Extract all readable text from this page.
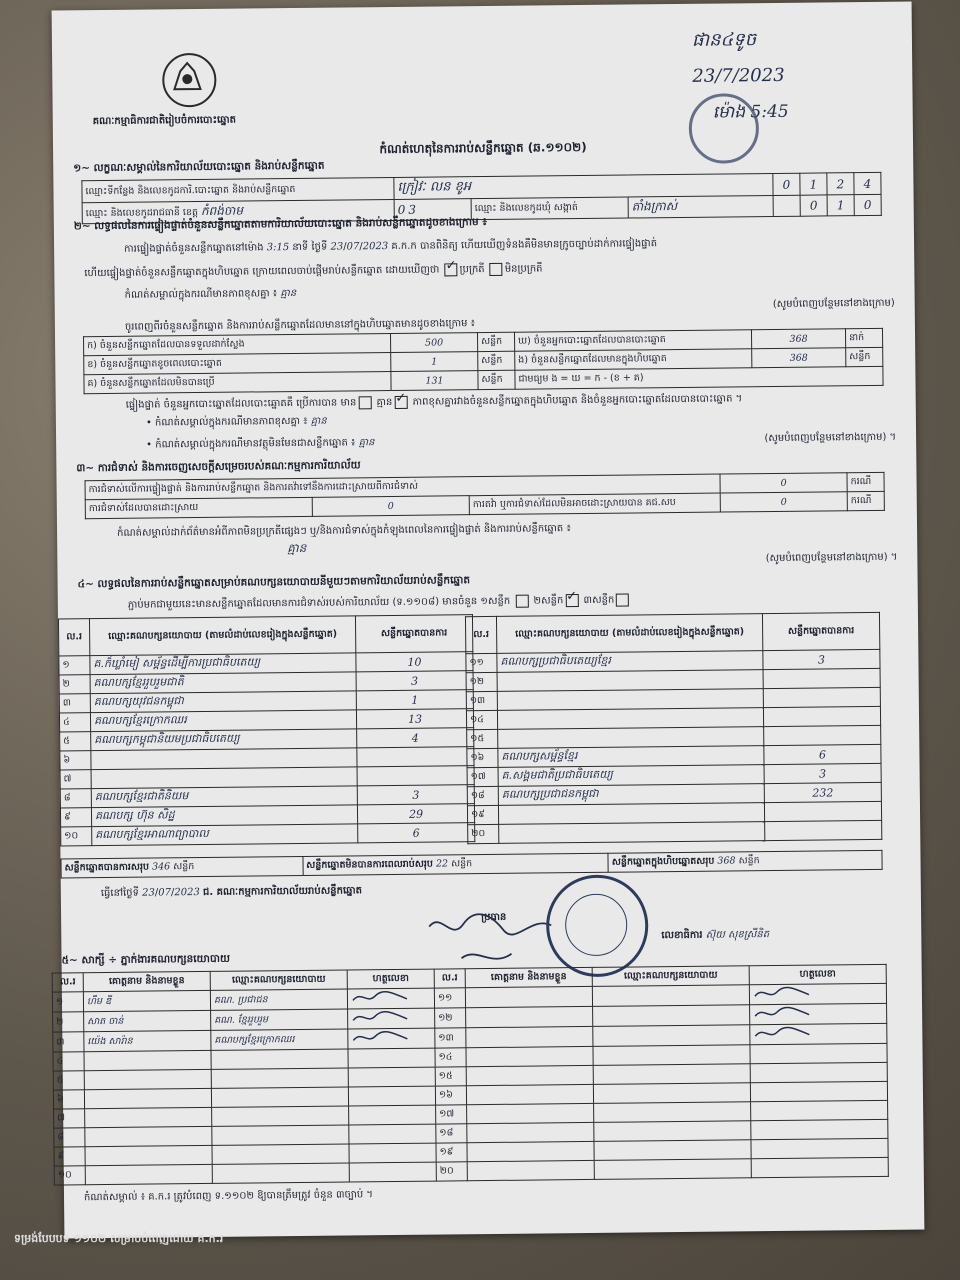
គណៈកម្មាធិការជាតិរៀបចំការបោះឆ្នោត
ផាន៤ទូច
23/7/2023
ម៉ោង 5:45
កំណត់ហេតុនៃការរាប់សន្លឹកឆ្នោត (ឆ.១១០២)
១~ លក្ខណៈសម្គាល់នៃការិយាល័យបោះឆ្នោត និងរាប់សន្លឹកឆ្នោត
ឈ្មោះទីកន្លែង និងលេខកូដការិ.បោះឆ្នោត និងរាប់សន្លឹកឆ្នោត	ក្រៀវៈ លន ខូអ			0	1	2	4
ឈ្មោះ និងលេខកូដរាជធានី ខេត្ត កំពង់ចាម	0 3	ឈ្មោះ និងលេខកូដឃុំ សង្កាត់	តាំងក្រាស់		0	1	0
២~ លទ្ធផលនៃការផ្ទៀងផ្ទាត់ចំនួនសន្លឹកឆ្នោតតាមការិយាល័យបោះឆ្នោត និងរាប់សន្លឹកឆ្នោតដូចខាងក្រោម ៖
ការផ្ទៀងផ្ទាត់ចំនួនសន្លឹកឆ្នោតនៅម៉ោង 3:15 នាទី ថ្ងៃទី 23/07/2023 គ.ក.ក បានពិនិត្យ ហើយឃើញទំនងគឺមិនមានក្រូចច្បាប់ដាក់ការផ្ទៀងផ្ទាត់
ហើយផ្ទៀងផ្ទាត់ចំនួនសន្លឹកឆ្នោតក្នុងហិបឆ្នោត ក្រោយពេលចាប់ផ្ដើមរាប់សន្លឹកឆ្នោត ដោយឃើញថា ✓ ប្រក្រតី មិនប្រក្រតី
កំណត់សម្គាល់ក្នុងករណីមានភាពខុសគ្នា ៖ គ្មាន
(សូមបំពេញបន្ថែមនៅខាងក្រោម)
ចូរពេញពីរចំនួនសន្លឹកឆ្នោត និងការរាប់សន្លឹកឆ្នោតដែលមាននៅក្នុងហិបឆ្នោតមានដូចខាងក្រោម ៖
ក) ចំនួនសន្លឹកឆ្នោតដែលបានទទួលដាក់ស្លែង	500	សន្លឹក	ឃ) ចំនួនអ្នកបោះឆ្នោតដែលបានបោះឆ្នោត	368	នាក់
ខ) ចំនួនសន្លឹកឆ្នោតខូចពេលបោះឆ្នោត	1	សន្លឹក	ង) ចំនួនសន្លឹកឆ្នោតដែលមានក្នុងហិបឆ្នោត	368	សន្លឹក
គ) ចំនួនសន្លឹកឆ្នោតដែលមិនបានប្រើ	131	សន្លឹក	ជាមធ្យម ង = ឃ = ក - (ខ + គ)		
ផ្ទៀងផ្ទាត់ ចំនួនអ្នកបោះឆ្នោតដែលបោះឆ្នោតគឺ ប្រើការបាន មាន គ្មាន ✓ ភាពខុសគ្នារវាងចំនួនសន្លឹកឆ្នោតក្នុងហិបឆ្នោត និងចំនួនអ្នកបោះឆ្នោតដែលបានបោះឆ្នោត ។
• កំណត់សម្គាល់ក្នុងករណីមានភាពខុសគ្នា ៖ គ្មាន
• កំណត់សម្គាល់ក្នុងករណីមានវត្ថុមិនមែនជាសន្លឹកឆ្នោត ៖ គ្មាន	(សូមបំពេញបន្ថែមនៅខាងក្រោម) ។
៣~ ការជំទាស់ និងការចេញសេចក្ដីសម្រេចរបស់គណៈកម្មការការិយាល័យ
ការជំទាស់លើការផ្ទៀងផ្ទាត់ និងការរាប់សន្លឹកឆ្នោត និងការតវ៉ាទៅនឹងការដោះស្រាយពីការជំទាស់			0	ករណី
ការជំទាស់ដែលបានដោះស្រាយ	0	ការតវ៉ា ឬការជំទាស់ដែលមិនអាចដោះស្រាយបាន គជ.សប	0	ករណី
កំណត់សម្គាល់ដាក់ព័ត៌មានអំពីភាពមិនប្រក្រតីផ្សេងៗ ឬ/និងការជំទាស់ក្នុងកំឡុងពេលនៃការផ្ទៀងផ្ទាត់ និងការរាប់សន្លឹកឆ្នោត ៖
គ្មាន
(សូមបំពេញបន្ថែមនៅខាងក្រោម) ។
៤~ លទ្ធផលនៃការរាប់សន្លឹកឆ្នោតសម្រាប់គណបក្សនយោបាយនីមួយៗតាមការិយាល័យរាប់សន្លឹកឆ្នោត
ភ្ជាប់មកជាមួយនេះមានសន្លឹកឆ្នោតដែលមានការជំទាស់របស់ការិយាល័យ (ទ.១១០៨) មានចំនួន ១សន្លឹក ២សន្លឹក ✓ ៣សន្លឹក
ល.រ	ឈ្មោះគណបក្សនយោបាយ (តាមលំដាប់លេខរៀងក្នុងសន្លឹកឆ្នោត)	សន្លឹកឆ្នោតបានការ
១	គ.ក៏ឃ្លាំមៀ សម្ព័ន្ធដើម្បីការប្រជាធិបតេយ្យ	10
២	គណបក្សខ្មែររួបរួមជាតិ	3
៣	គណបក្សយុវជនកម្ពុជា	1
៤	គណបក្សខ្មែរក្រោកឈរ	13
៥	គណបក្សកម្ពុជានិយមប្រជាធិបតេយ្យ	4
៦		
៧		
៨	គណបក្សខ្មែរជាតិនិយម	3
៩	គណបក្ស ហ៊ុន សិដ្ឋ	29
១០	គណបក្សខ្មែរអាណាព្យាបាល	6
ល.រ	ឈ្មោះគណបក្សនយោបាយ (តាមលំដាប់លេខរៀងក្នុងសន្លឹកឆ្នោត)	សន្លឹកឆ្នោតបានការ
១១	គណបក្សប្រជាធិបតេយ្យខ្មែរ	3
១២		
១៣		
១៤		
១៥		
១៦	គណបក្សសម្ព័ន្ធខ្មែរ	6
១៧	គ.សង្គមជាតិប្រជាធិបតេយ្យ	3
១៨	គណបក្សប្រជាជនកម្ពុជា	232
១៩		
២០		
សន្លឹកឆ្នោតបានការសរុប 346 សន្លឹក	សន្លឹកឆ្នោតមិនបានការពេលរាប់សរុប 22 សន្លឹក	សន្លឹកឆ្នោតក្នុងហិបឆ្នោតសរុប 368 សន្លឹក
ធ្វើនៅថ្ងៃទី 23/07/2023 ជ. គណៈកម្មការការិយាល័យរាប់សន្លឹកឆ្នោត
ប្រធាន
លេខាធិការ ស៊ុយ សុខស្រីនិត
៥~ សាក្សី ÷ ភ្នាក់ងារគណបក្សនយោបាយ
ល.រ	គោត្តនាម និងនាមខ្លួន	ឈ្មោះគណបក្សនយោបាយ	ហត្ថលេខា	ល.រ	គោត្តនាម និងនាមខ្លួន	ឈ្មោះគណបក្សនយោបាយ	ហត្ថលេខា
១	ហឹម ឌី	គណ. ប្រជាជន		១១			
២	សាត ចាន់	គណ. ខ្មែររួបរួម		១២			
៣	យ៉េង សារ៉ាន	គណបក្សខ្មែរក្រោកឈរ		១៣			
៤				១៤			
៥				១៥			
៦				១៦			
៧				១៧			
៨				១៨			
៩				១៩			
១០				២០			
កំណត់សម្គាល់ ៖ គ.ក.រ ត្រូវបំពេញ ទ.១១០២ ឱ្យបានត្រឹមត្រូវ ចំនួន ៣ច្បាប់ ។
ទម្រង់បែបបទ ១១០២ សម្រាប់បំពេញដោយ គ.ក.រ
